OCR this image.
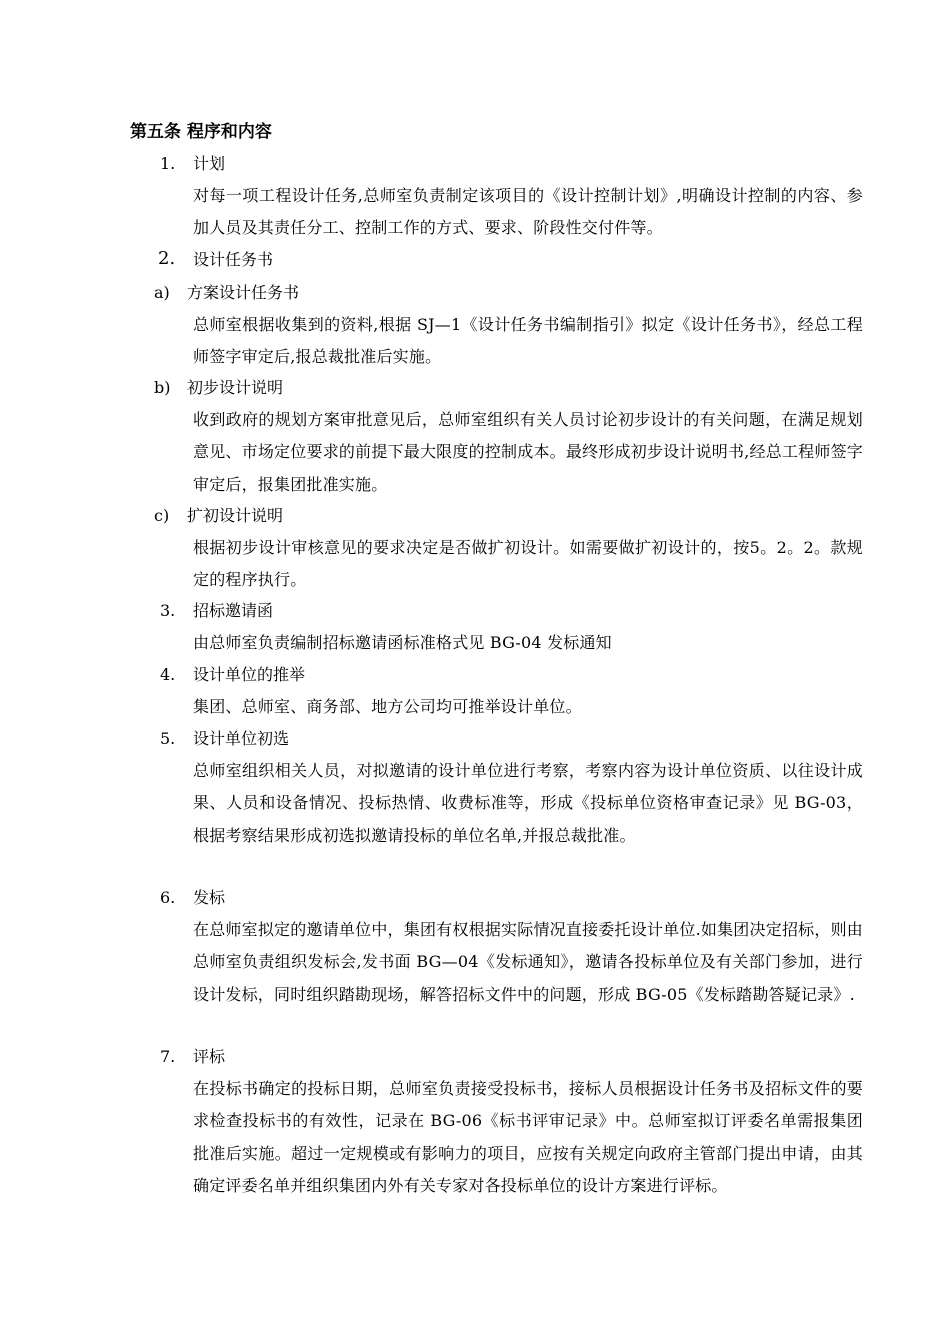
第五条 程序和内容
1. 计划
对每一项工程设计任务,总师室负责制定该项目的《设计控制计划》,明确设计控制的内容、参加人员及其责任分工、控制工作的方式、要求、阶段性交付件等。
2. 设计任务书
a) 方案设计任务书
总师室根据收集到的资料,根据 SJ—1《设计任务书编制指引》拟定《设计任务书》，经总工程师签字审定后,报总裁批准后实施。
b) 初步设计说明
收到政府的规划方案审批意见后，总师室组织有关人员讨论初步设计的有关问题，在满足规划意见、市场定位要求的前提下最大限度的控制成本。最终形成初步设计说明书,经总工程师签字审定后，报集团批准实施。
c) 扩初设计说明
根据初步设计审核意见的要求决定是否做扩初设计。如需要做扩初设计的，按5。2。2。款规定的程序执行。
3. 招标邀请函
由总师室负责编制招标邀请函标准格式见 BG-04 发标通知
4. 设计单位的推举
集团、总师室、商务部、地方公司均可推举设计单位。
5. 设计单位初选
总师室组织相关人员，对拟邀请的设计单位进行考察，考察内容为设计单位资质、以往设计成果、人员和设备情况、投标热情、收费标准等，形成《投标单位资格审查记录》见 BG-03，根据考察结果形成初选拟邀请投标的单位名单,并报总裁批准。
6. 发标
在总师室拟定的邀请单位中，集团有权根据实际情况直接委托设计单位.如集团决定招标，则由总师室负责组织发标会,发书面 BG—04《发标通知》，邀请各投标单位及有关部门参加，进行设计发标，同时组织踏勘现场，解答招标文件中的问题，形成 BG-05《发标踏勘答疑记录》.
7. 评标
在投标书确定的投标日期，总师室负责接受投标书，接标人员根据设计任务书及招标文件的要求检查投标书的有效性，记录在 BG-06《标书评审记录》中。总师室拟订评委名单需报集团批准后实施。超过一定规模或有影响力的项目，应按有关规定向政府主管部门提出申请，由其确定评委名单并组织集团内外有关专家对各投标单位的设计方案进行评标。
